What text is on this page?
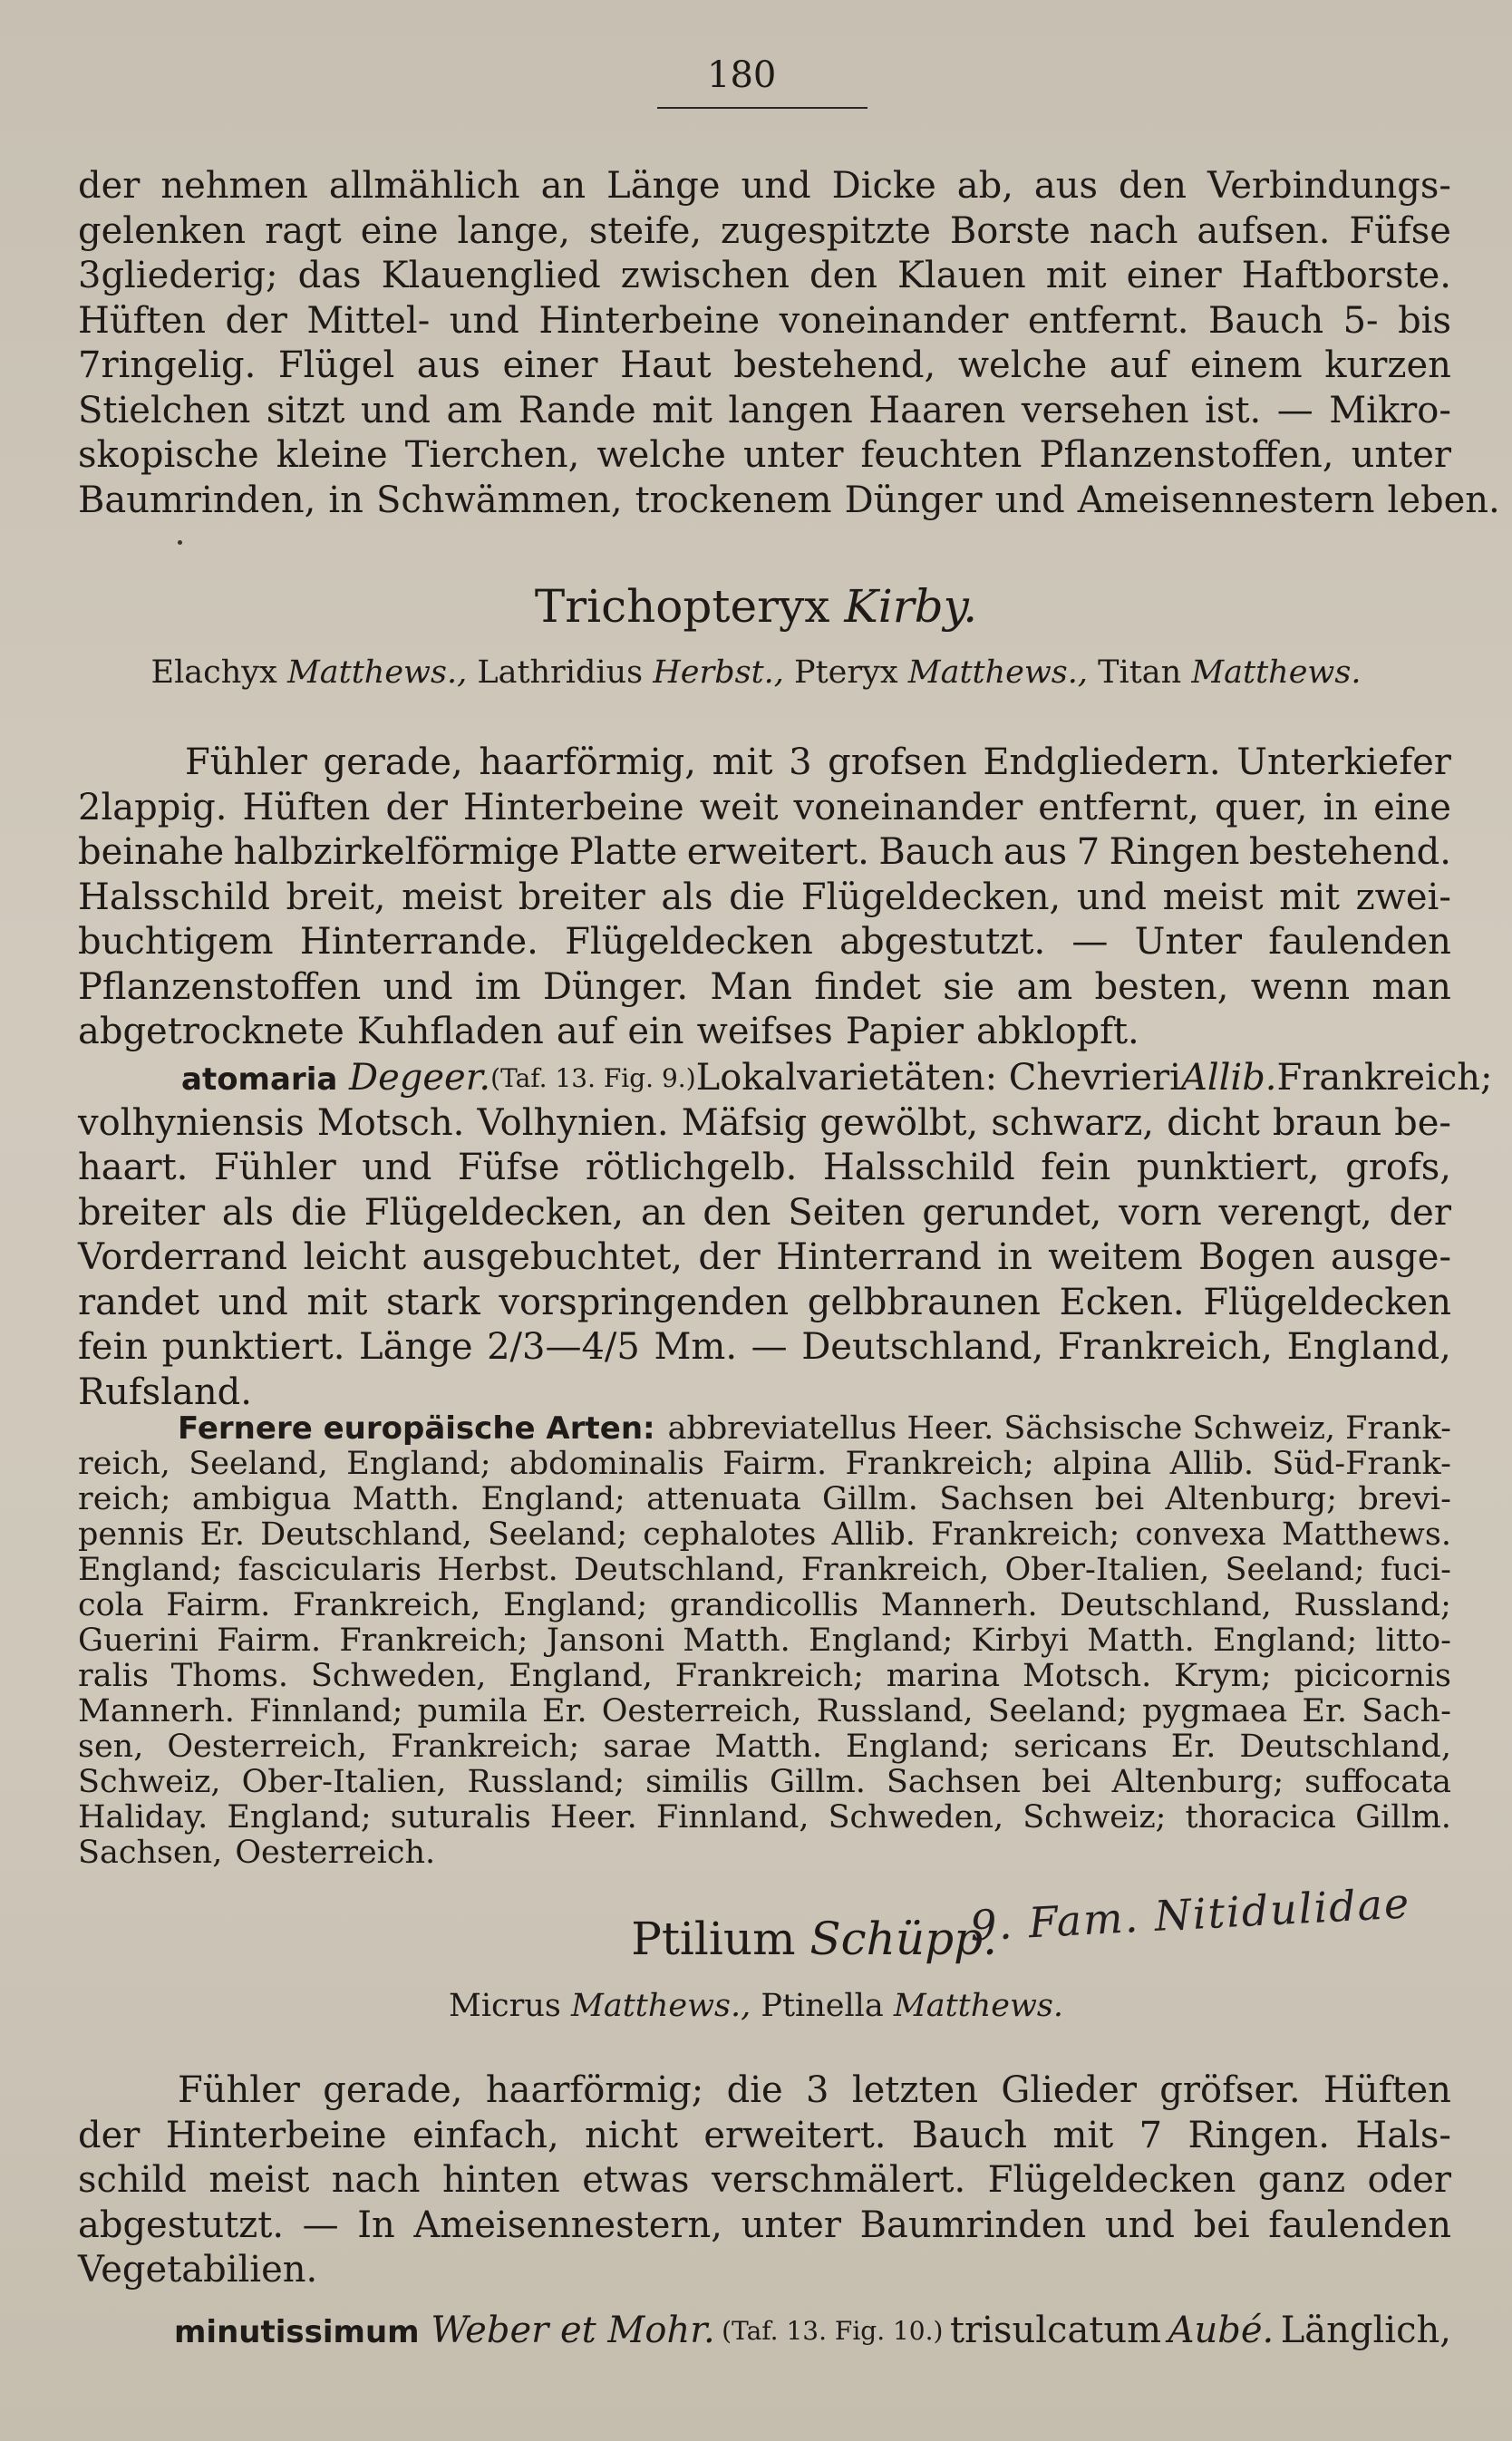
180
der nehmen allmählich an Länge und Dicke ab, aus den Verbindungs-
gelenken ragt eine lange, steife, zugespitzte Borste nach aufsen. Füfse
3gliederig; das Klauenglied zwischen den Klauen mit einer Haftborste.
Hüften der Mittel- und Hinterbeine voneinander entfernt. Bauch 5- bis
7ringelig. Flügel aus einer Haut bestehend, welche auf einem kurzen
Stielchen sitzt und am Rande mit langen Haaren versehen ist. — Mikro-
skopische kleine Tierchen, welche unter feuchten Pflanzenstoffen, unter
Baumrinden, in Schwämmen, trockenem Dünger und Ameisennestern leben.
Trichopteryx Kirby.
Elachyx Matthews., Lathridius Herbst., Pteryx Matthews., Titan Matthews.
Fühler gerade, haarförmig, mit 3 grofsen Endgliedern. Unterkiefer
2lappig. Hüften der Hinterbeine weit voneinander entfernt, quer, in eine
beinahe halbzirkelförmige Platte erweitert. Bauch aus 7 Ringen bestehend.
Halsschild breit, meist breiter als die Flügeldecken, und meist mit zwei-
buchtigem Hinterrande. Flügeldecken abgestutzt. — Unter faulenden
Pflanzenstoffen und im Dünger. Man findet sie am besten, wenn man
abgetrocknete Kuhfladen auf ein weifses Papier abklopft.
atomaria Degeer. (Taf. 13. Fig. 9.) Lokalvarietäten: Chevrieri Allib. Frankreich;
volhyniensis Motsch. Volhynien. Mäfsig gewölbt, schwarz, dicht braun be-
haart. Fühler und Füfse rötlichgelb. Halsschild fein punktiert, grofs,
breiter als die Flügeldecken, an den Seiten gerundet, vorn verengt, der
Vorderrand leicht ausgebuchtet, der Hinterrand in weitem Bogen ausge-
randet und mit stark vorspringenden gelbbraunen Ecken. Flügeldecken
fein punktiert. Länge 2/3—4/5 Mm. — Deutschland, Frankreich, England,
Rufsland.
Fernere europäische Arten: abbreviatellus Heer. Sächsische Schweiz, Frank-
reich, Seeland, England; abdominalis Fairm. Frankreich; alpina Allib. Süd-Frank-
reich; ambigua Matth. England; attenuata Gillm. Sachsen bei Altenburg; brevi-
pennis Er. Deutschland, Seeland; cephalotes Allib. Frankreich; convexa Matthews.
England; fascicularis Herbst. Deutschland, Frankreich, Ober-Italien, Seeland; fuci-
cola Fairm. Frankreich, England; grandicollis Mannerh. Deutschland, Russland;
Guerini Fairm. Frankreich; Jansoni Matth. England; Kirbyi Matth. England; litto-
ralis Thoms. Schweden, England, Frankreich; marina Motsch. Krym; picicornis
Mannerh. Finnland; pumila Er. Oesterreich, Russland, Seeland; pygmaea Er. Sach-
sen, Oesterreich, Frankreich; sarae Matth. England; sericans Er. Deutschland,
Schweiz, Ober-Italien, Russland; similis Gillm. Sachsen bei Altenburg; suffocata
Haliday. England; suturalis Heer. Finnland, Schweden, Schweiz; thoracica Gillm.
Sachsen, Oesterreich.
Ptilium Schüpp.
9. Fam. Nitidulidae
Micrus Matthews., Ptinella Matthews.
Fühler gerade, haarförmig; die 3 letzten Glieder gröfser. Hüften
der Hinterbeine einfach, nicht erweitert. Bauch mit 7 Ringen. Hals-
schild meist nach hinten etwas verschmälert. Flügeldecken ganz oder
abgestutzt. — In Ameisennestern, unter Baumrinden und bei faulenden
Vegetabilien.
minutissimum Weber et Mohr. (Taf. 13. Fig. 10.) trisulcatum Aubé. Länglich,
